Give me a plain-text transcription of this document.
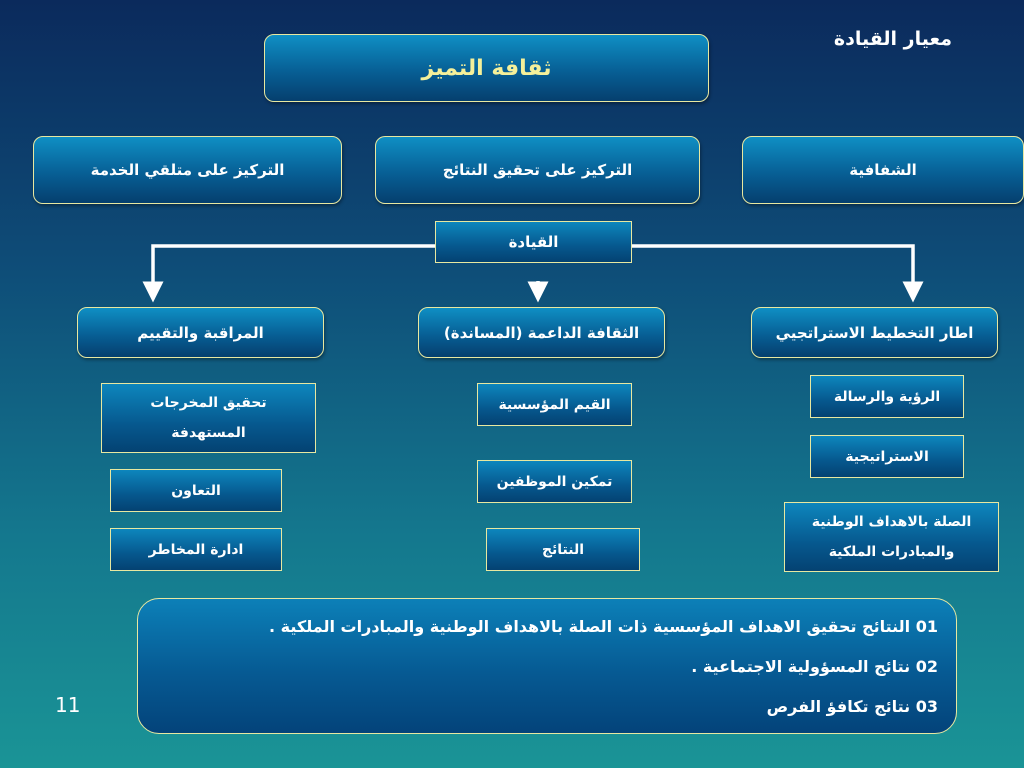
معيار القيادة
ثقافة التميز
الشفافية
التركيز على تحقيق النتائج
التركيز على متلقي الخدمة
القيادة
اطار التخطيط الاستراتجيي
الثقافة الداعمة (المساندة)
المراقبة والتقييم
الرؤية والرسالة
الاستراتيجية
الصلة بالاهداف الوطنية والمبادرات الملكية
القيم المؤسسية
تمكين الموظفين
النتائج
تحقيق المخرجات المستهدفة
التعاون
ادارة المخاطر
01 النتائج تحقيق الاهداف المؤسسية ذات الصلة بالاهداف الوطنية والمبادرات الملكية .
02 نتائج المسؤولية الاجتماعية .
03 نتائج تكافؤ الفرص
11
